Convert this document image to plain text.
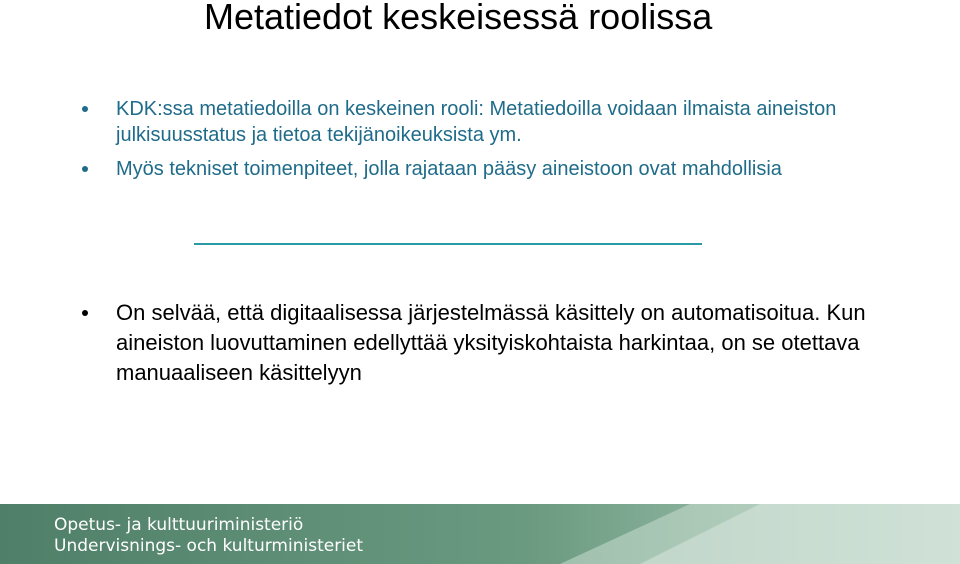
Metatiedot keskeisessä roolissa
KDK:ssa metatiedoilla on keskeinen rooli: Metatiedoilla voidaan ilmaista aineiston julkisuusstatus ja tietoa tekijänoikeuksista ym.
Myös tekniset toimenpiteet, jolla rajataan pääsy aineistoon ovat mahdollisia
On selvää, että digitaalisessa järjestelmässä käsittely on automatisoitua. Kun aineiston luovuttaminen edellyttää yksityiskohtaista harkintaa, on se otettava manuaaliseen käsittelyyn
Opetus- ja kulttuuriministeriö
Undervisnings- och kulturministeriet
